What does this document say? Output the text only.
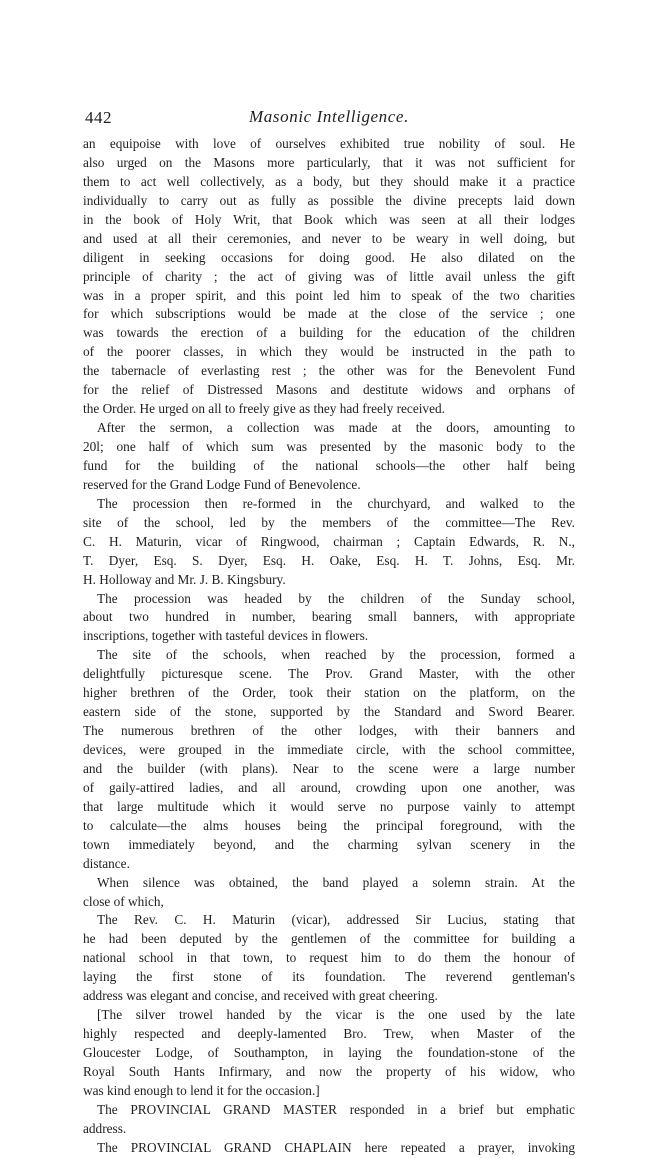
442	Masonic Intelligence.
an equipoise with love of ourselves exhibited true nobility of soul. He
also urged on the Masons more particularly, that it was not sufficient for
them to act well collectively, as a body, but they should make it a practice
individually to carry out as fully as possible the divine precepts laid down
in the book of Holy Writ, that Book which was seen at all their lodges
and used at all their ceremonies, and never to be weary in well doing, but
diligent in seeking occasions for doing good. He also dilated on the
principle of charity ; the act of giving was of little avail unless the gift
was in a proper spirit, and this point led him to speak of the two charities
for which subscriptions would be made at the close of the service ; one
was towards the erection of a building for the education of the children
of the poorer classes, in which they would be instructed in the path to
the tabernacle of everlasting rest ; the other was for the Benevolent Fund
for the relief of Distressed Masons and destitute widows and orphans of
the Order. He urged on all to freely give as they had freely received.
After the sermon, a collection was made at the doors, amounting to
20l; one half of which sum was presented by the masonic body to the
fund for the building of the national schools—the other half being
reserved for the Grand Lodge Fund of Benevolence.
The procession then re-formed in the churchyard, and walked to the
site of the school, led by the members of the committee—The Rev.
C. H. Maturin, vicar of Ringwood, chairman ; Captain Edwards, R. N.,
T. Dyer, Esq. S. Dyer, Esq. H. Oake, Esq. H. T. Johns, Esq. Mr.
H. Holloway and Mr. J. B. Kingsbury.
The procession was headed by the children of the Sunday school,
about two hundred in number, bearing small banners, with appropriate
inscriptions, together with tasteful devices in flowers.
The site of the schools, when reached by the procession, formed a
delightfully picturesque scene. The Prov. Grand Master, with the other
higher brethren of the Order, took their station on the platform, on the
eastern side of the stone, supported by the Standard and Sword Bearer.
The numerous brethren of the other lodges, with their banners and
devices, were grouped in the immediate circle, with the school committee,
and the builder (with plans). Near to the scene were a large number
of gaily-attired ladies, and all around, crowding upon one another, was
that large multitude which it would serve no purpose vainly to attempt
to calculate—the alms houses being the principal foreground, with the
town immediately beyond, and the charming sylvan scenery in the
distance.
When silence was obtained, the band played a solemn strain. At the
close of which,
The Rev. C. H. Maturin (vicar), addressed Sir Lucius, stating that
he had been deputed by the gentlemen of the committee for building a
national school in that town, to request him to do them the honour of
laying the first stone of its foundation. The reverend gentleman's
address was elegant and concise, and received with great cheering.
[The silver trowel handed by the vicar is the one used by the late
highly respected and deeply-lamented Bro. Trew, when Master of the
Gloucester Lodge, of Southampton, in laying the foundation-stone of the
Royal South Hants Infirmary, and now the property of his widow, who
was kind enough to lend it for the occasion.]
The PROVINCIAL GRAND MASTER responded in a brief but emphatic
address.
The PROVINCIAL GRAND CHAPLAIN here repeated a prayer, invoking
